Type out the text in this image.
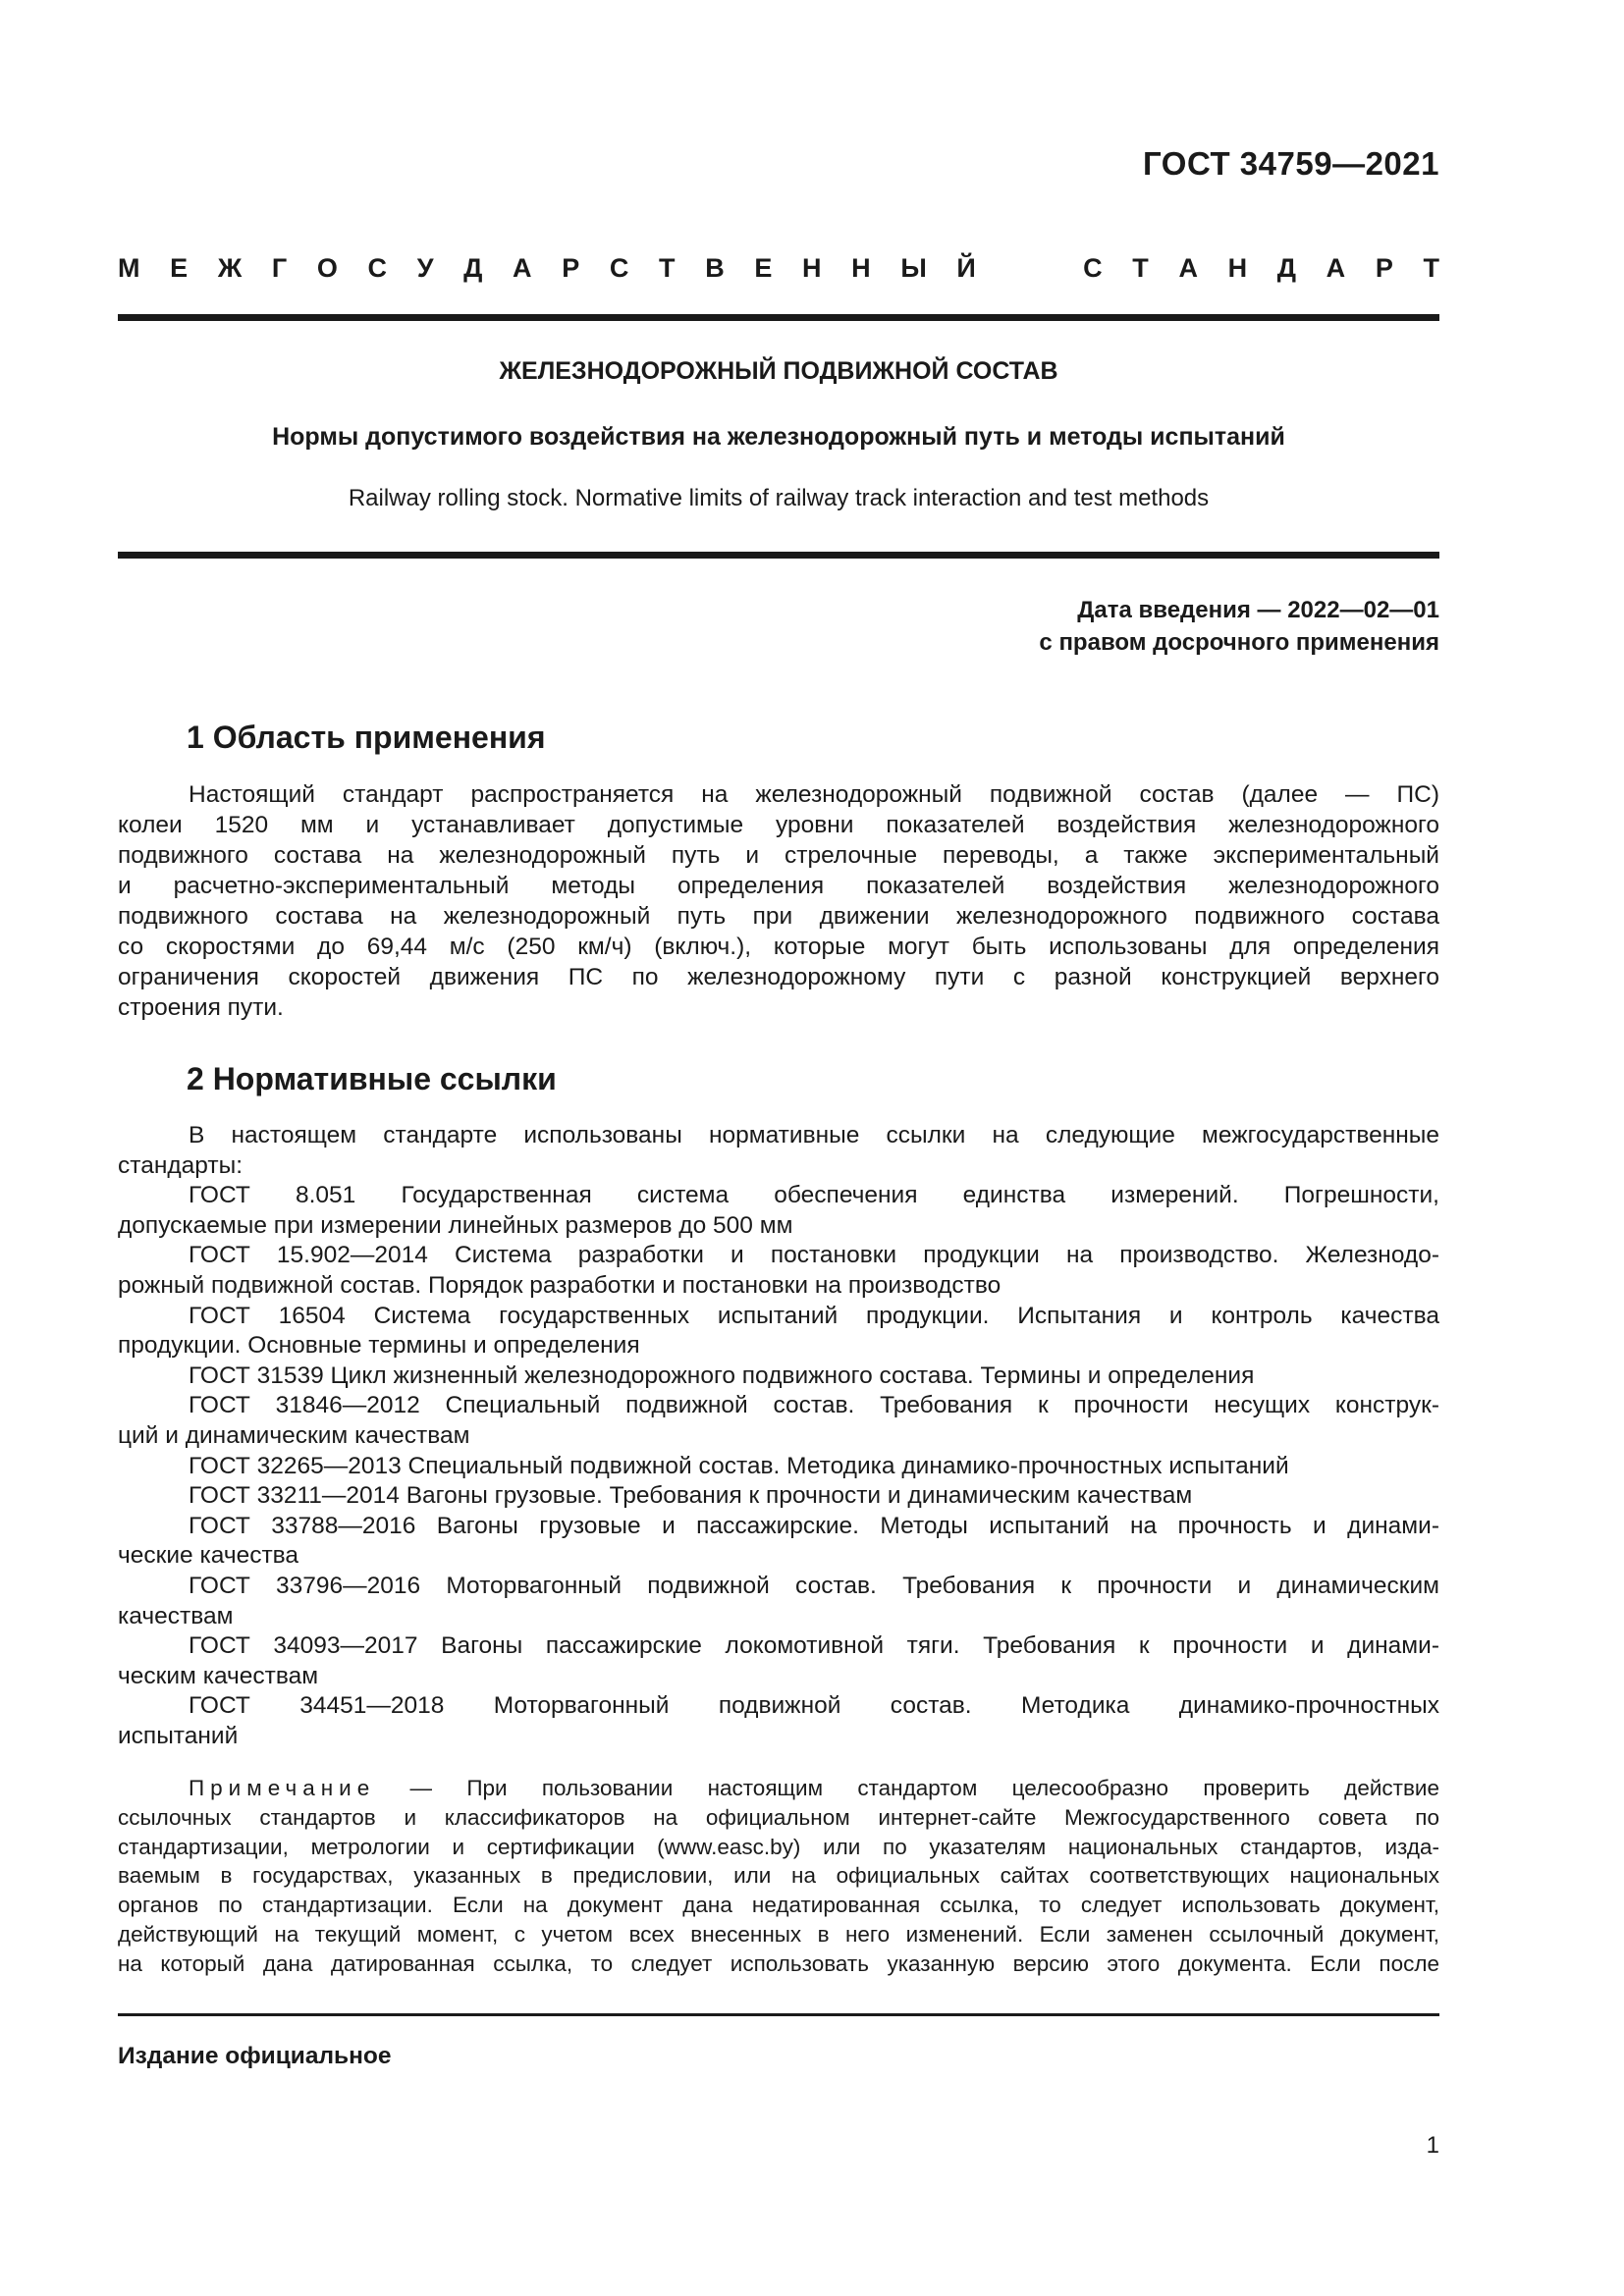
ГОСТ 34759—2021
М Е Ж Г О С У Д А Р С Т В Е Н Н Ы Й	С Т А Н Д А Р Т
ЖЕЛЕЗНОДОРОЖНЫЙ ПОДВИЖНОЙ СОСТАВ
Нормы допустимого воздействия на железнодорожный путь и методы испытаний
Railway rolling stock. Normative limits of railway track interaction and test methods
Дата введения — 2022—02—01
с правом досрочного применения
1 Область применения
Настоящий стандарт распространяется на железнодорожный подвижной состав (далее — ПС)
колеи 1520 мм и устанавливает допустимые уровни показателей воздействия железнодорожного
подвижного состава на железнодорожный путь и стрелочные переводы, а также экспериментальный
и расчетно-экспериментальный методы определения показателей воздействия железнодорожного
подвижного состава на железнодорожный путь при движении железнодорожного подвижного состава
со скоростями до 69,44 м/с (250 км/ч) (включ.), которые могут быть использованы для определения
ограничения скоростей движения ПС по железнодорожному пути с разной конструкцией верхнего
строения пути.
2 Нормативные ссылки
В настоящем стандарте использованы нормативные ссылки на следующие межгосударственные
стандарты:
ГОСТ 8.051 Государственная система обеспечения единства измерений. Погрешности,
допускаемые при измерении линейных размеров до 500 мм
ГОСТ 15.902—2014 Система разработки и постановки продукции на производство. Железнодо-
рожный подвижной состав. Порядок разработки и постановки на производство
ГОСТ 16504 Система государственных испытаний продукции. Испытания и контроль качества
продукции. Основные термины и определения
ГОСТ 31539 Цикл жизненный железнодорожного подвижного состава. Термины и определения
ГОСТ 31846—2012 Специальный подвижной состав. Требования к прочности несущих конструк-
ций и динамическим качествам
ГОСТ 32265—2013 Специальный подвижной состав. Методика динамико-прочностных испытаний
ГОСТ 33211—2014 Вагоны грузовые. Требования к прочности и динамическим качествам
ГОСТ 33788—2016 Вагоны грузовые и пассажирские. Методы испытаний на прочность и динами-
ческие качества
ГОСТ 33796—2016 Моторвагонный подвижной состав. Требования к прочности и динамическим
качествам
ГОСТ 34093—2017 Вагоны пассажирские локомотивной тяги. Требования к прочности и динами-
ческим качествам
ГОСТ 34451—2018 Моторвагонный подвижной состав. Методика динамико-прочностных
испытаний
Примечание — При пользовании настоящим стандартом целесообразно проверить действие
ссылочных стандартов и классификаторов на официальном интернет-сайте Межгосударственного совета по
стандартизации, метрологии и сертификации (www.easc.by) или по указателям национальных стандартов, изда-
ваемым в государствах, указанных в предисловии, или на официальных сайтах соответствующих национальных
органов по стандартизации. Если на документ дана недатированная ссылка, то следует использовать документ,
действующий на текущий момент, с учетом всех внесенных в него изменений. Если заменен ссылочный документ,
на который дана датированная ссылка, то следует использовать указанную версию этого документа. Если после
Издание официальное
1
